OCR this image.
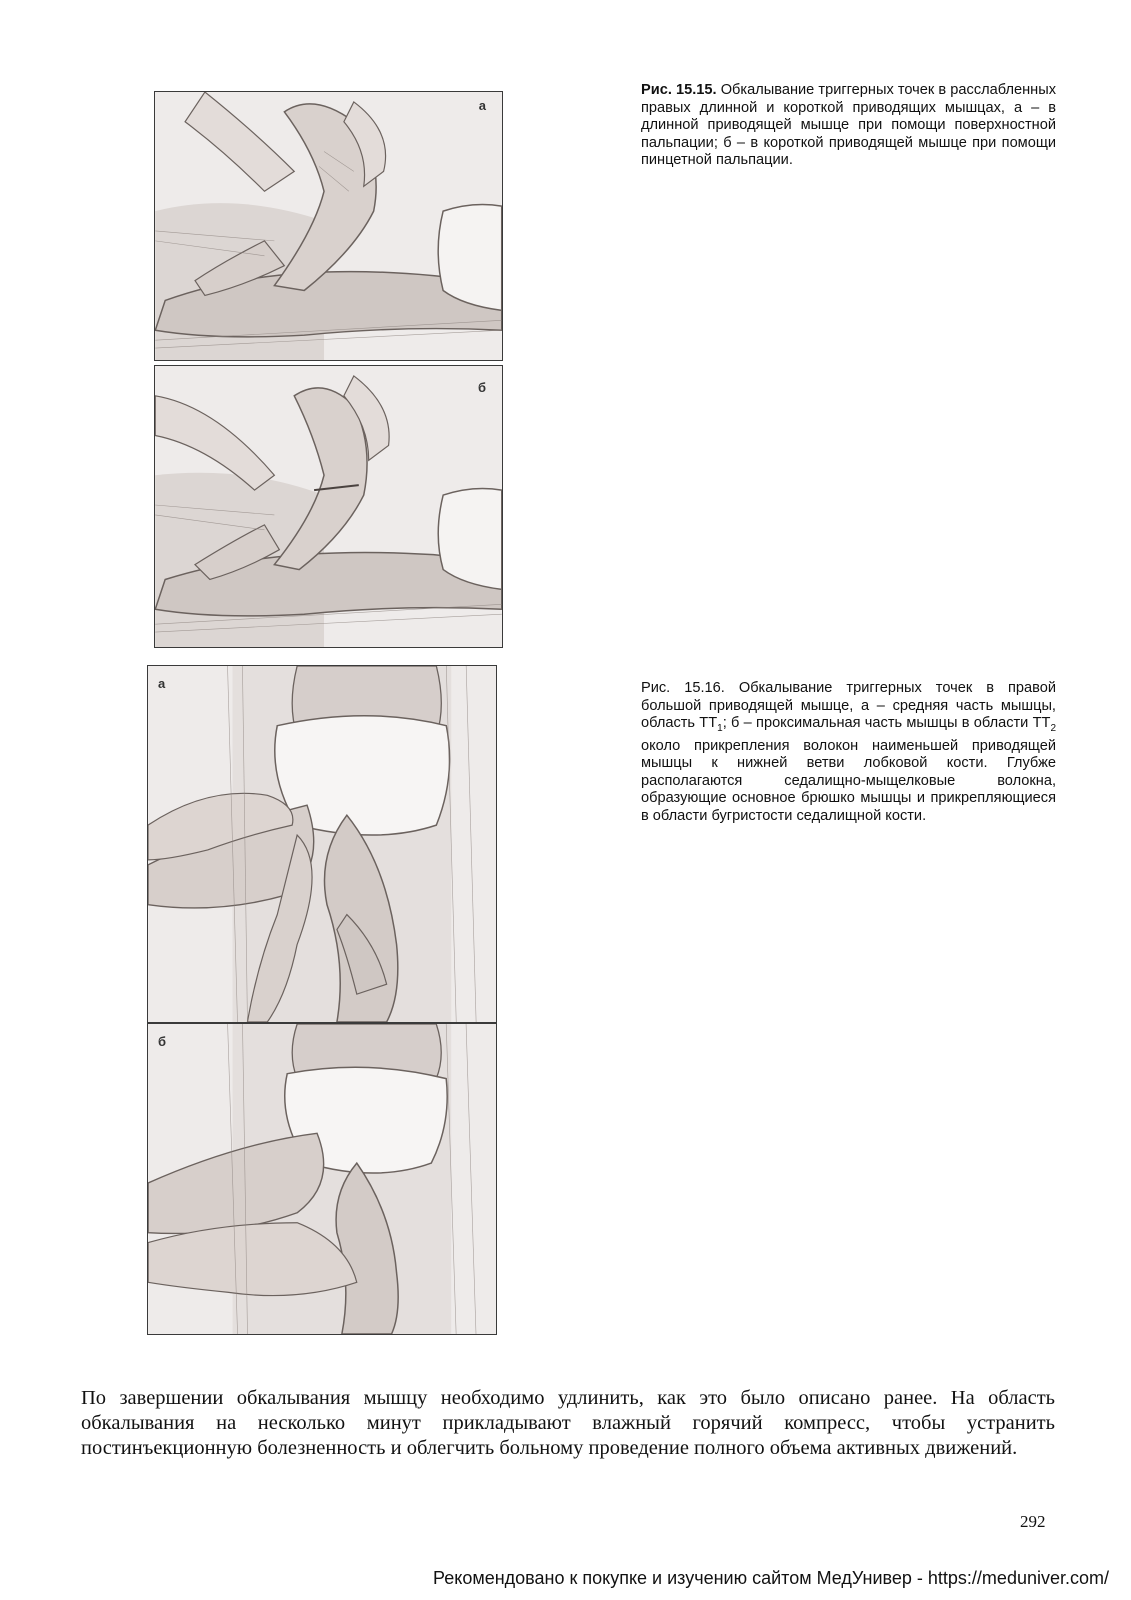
а
б
Рис. 15.15. Обкалывание триггерных точек в расслабленных правых длинной и короткой приводящих мышцах, а – в длинной приводящей мышце при помощи поверхностной пальпации; б – в короткой приводящей мышце при помощи пинцетной пальпации.
а
б
Рис. 15.16. Обкалывание триггерных точек в правой большой приводящей мышце, а – средняя часть мышцы, область $ТТ_1$; б – проксимальная часть мышцы в области $ТТ_2$ около прикрепления волокон наименьшей приводящей мышцы к нижней ветви лобковой кости. Глубже располагаются седалищно-мыщелковые волокна, образующие основное брюшко мышцы и прикрепляющиеся в области бугристости седалищной кости.

По завершении обкалывания мышцу необходимо удлинить, как это было описано ранее. На область обкалывания на несколько минут прикладывают влажный горячий компресс, чтобы устранить постинъекционную болезненность и облегчить больному проведение полного объема активных движений.

292
Рекомендовано к покупке и изучению сайтом МедУнивер - https://meduniver.com/
